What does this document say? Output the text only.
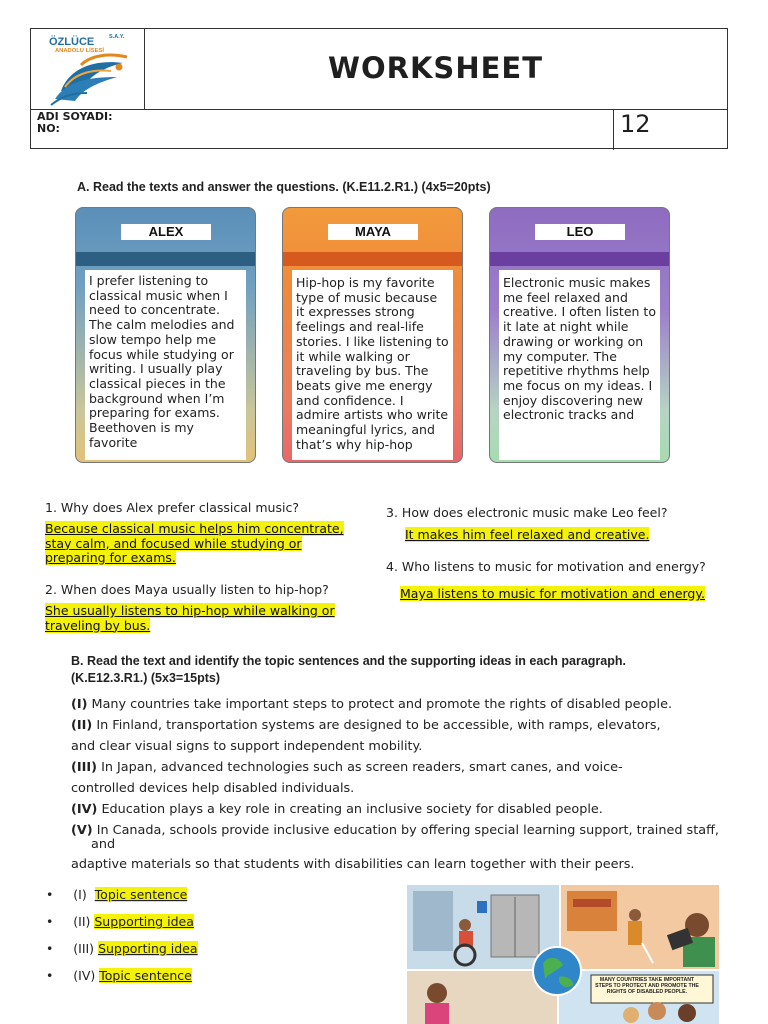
S.A.Y.
ÖZLÜCE
ANADOLU LİSESİ	WORKSHEET
ADI SOYADI:
NO:	12
A. Read the texts and answer the questions. (K.E11.2.R1.) (4x5=20pts)
ALEX
I prefer listening to classical music when I need to concentrate. The calm melodies and slow tempo help me focus while studying or writing. I usually play classical pieces in the background when I’m preparing for exams. Beethoven is my favorite
MAYA
Hip-hop is my favorite type of music because it expresses strong feelings and real-life stories. I like listening to it while walking or traveling by bus. The beats give me energy and confidence. I admire artists who write meaningful lyrics, and that’s why hip-hop
LEO
Electronic music makes me feel relaxed and creative. I often listen to it late at night while drawing or working on my computer. The repetitive rhythms help me focus on my ideas. I enjoy discovering new electronic tracks and
1. Why does Alex prefer classical music?
Because classical music helps him concentrate,
stay calm, and focused while studying or
preparing for exams.
2. When does Maya usually listen to hip-hop?
She usually listens to hip-hop while walking or
traveling by bus.
3. How does electronic music make Leo feel?
It makes him feel relaxed and creative.
4. Who listens to music for motivation and energy?
Maya listens to music for motivation and energy.
B. Read the text and identify the topic sentences and the supporting ideas in each paragraph.
(K.E12.3.R1.) (5x3=15pts)
(I) Many countries take important steps to protect and promote the rights of disabled people.
(II) In Finland, transportation systems are designed to be accessible, with ramps, elevators,
and clear visual signs to support independent mobility.
(III) In Japan, advanced technologies such as screen readers, smart canes, and voice-
controlled devices help disabled individuals.
(IV) Education plays a key role in creating an inclusive society for disabled people.
(V) In Canada, schools provide inclusive education by offering special learning support, trained staff,
and
adaptive materials so that students with disabilities can learn together with their peers.
• (I) Topic sentence
• (II) Supporting idea
• (III) Supporting idea
• (IV) Topic sentence	MANY COUNTRIES TAKE IMPORTANT STEPS TO PROTECT AND PROMOTE THE RIGHTS OF DISABLED PEOPLE.
